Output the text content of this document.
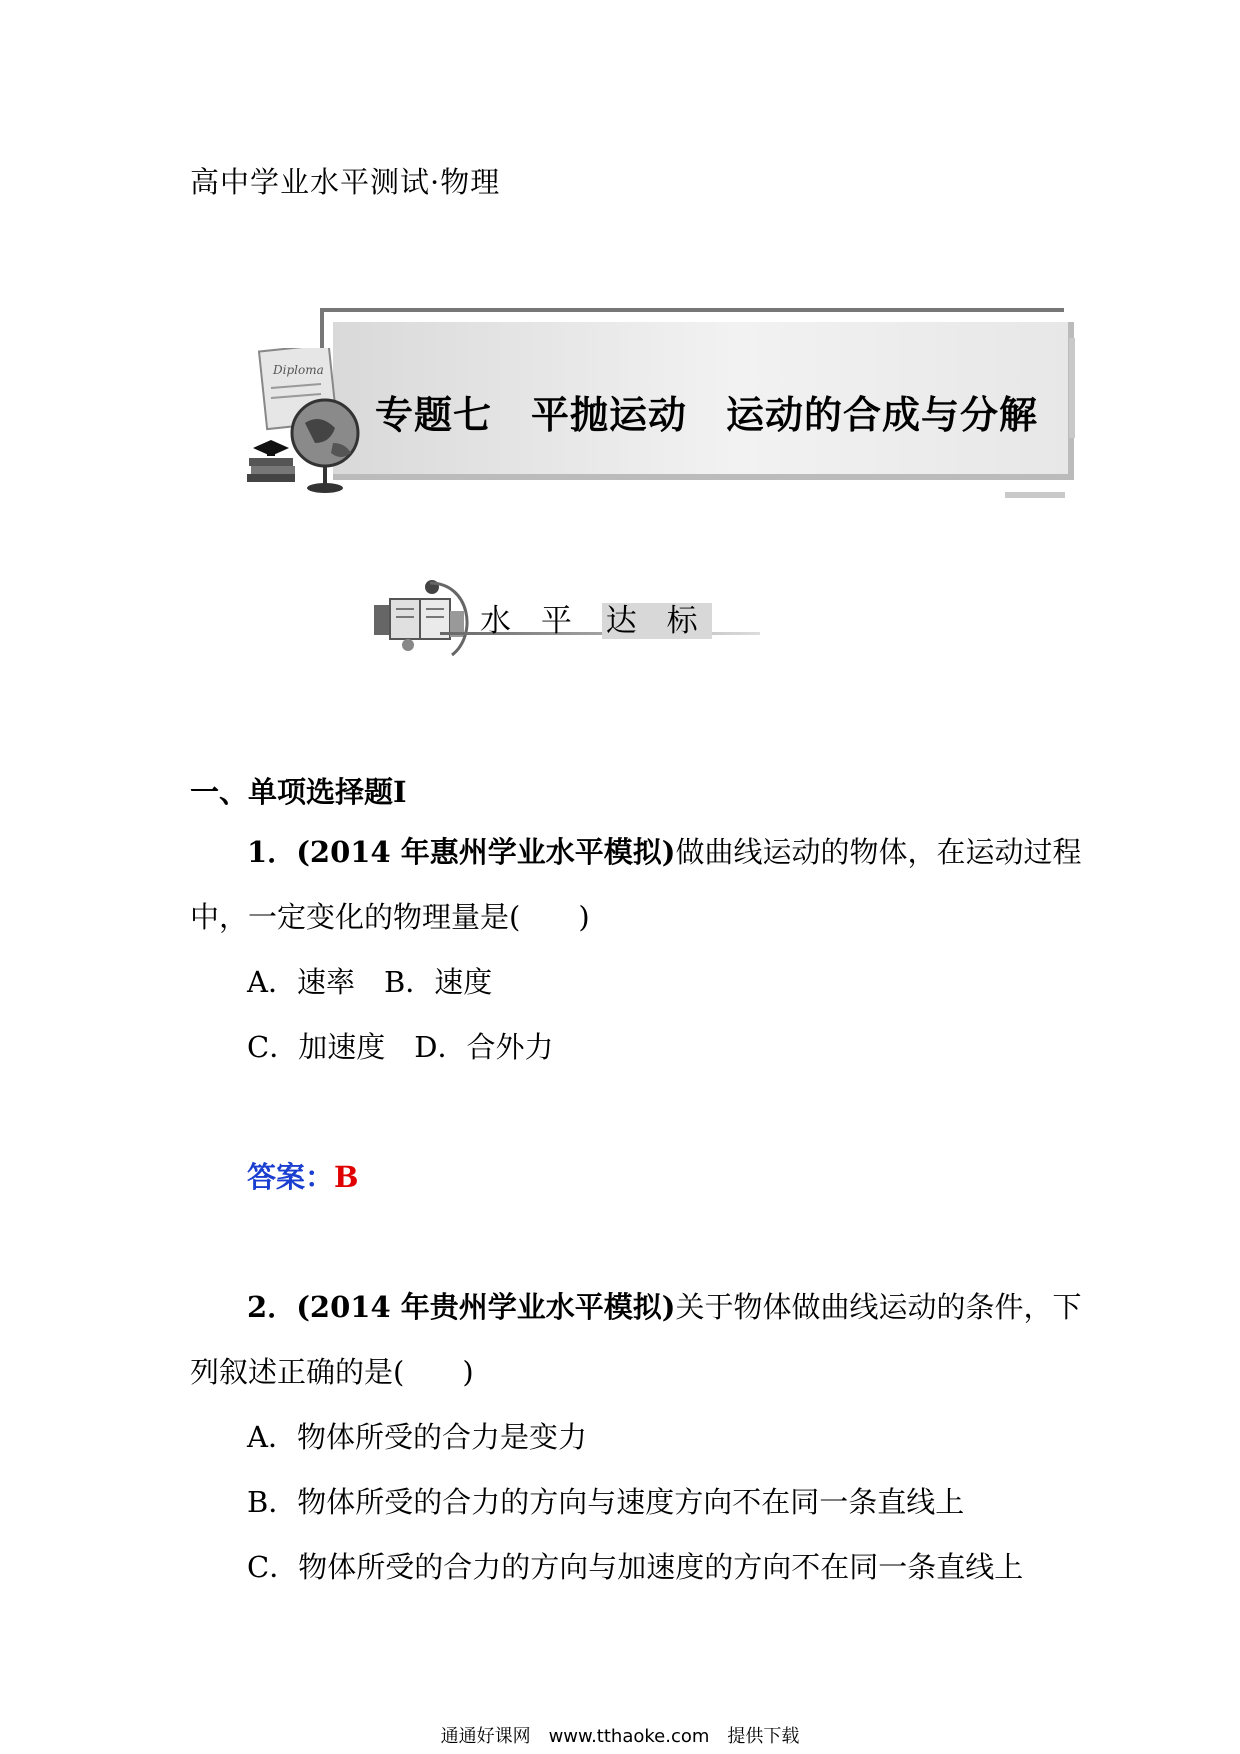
高中学业水平测试·物理
Diploma
专题七　平抛运动　运动的合成与分解
水 平 达 标
一、单项选择题Ⅰ
1．(2014 年惠州学业水平模拟)做曲线运动的物体，在运动过程
中，一定变化的物理量是(　　)
A．速率　B．速度
C．加速度　D．合外力
答案：B
2．(2014 年贵州学业水平模拟)关于物体做曲线运动的条件，下
列叙述正确的是(　　)
A．物体所受的合力是变力
B．物体所受的合力的方向与速度方向不在同一条直线上
C．物体所受的合力的方向与加速度的方向不在同一条直线上
通通好课网　www.tthaoke.com　提供下载
